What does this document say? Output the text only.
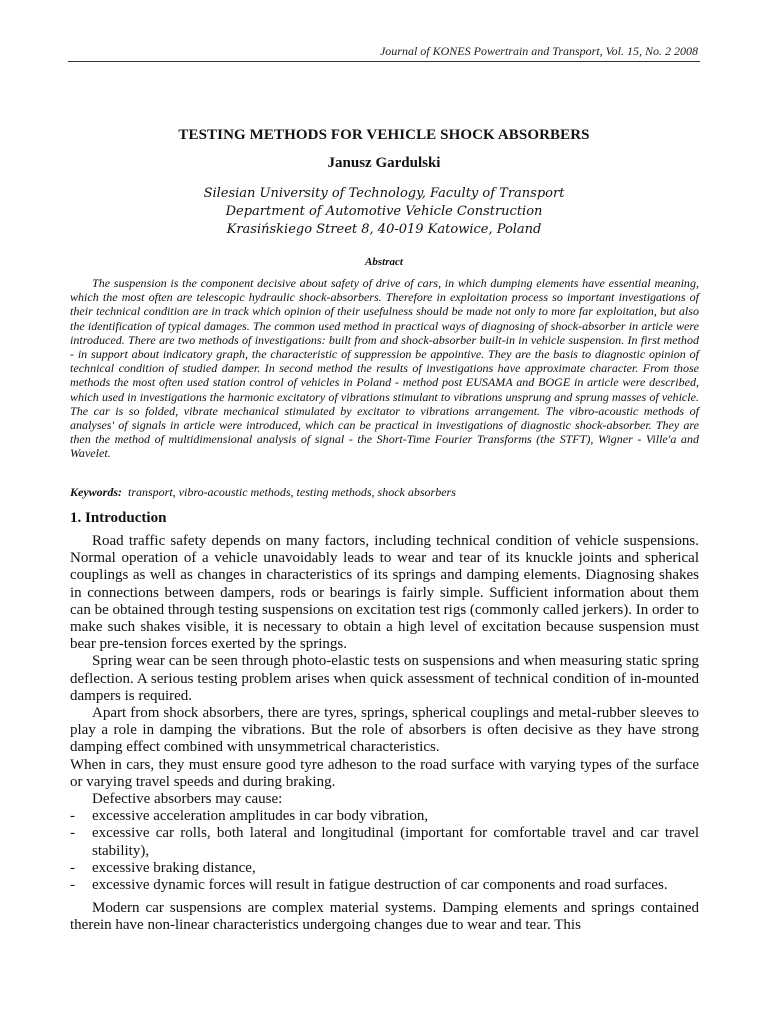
Journal of KONES Powertrain and Transport, Vol. 15, No. 2 2008
TESTING METHODS FOR VEHICLE SHOCK ABSORBERS
Janusz Gardulski
Silesian University of Technology, Faculty of Transport
Department of Automotive Vehicle Construction
Krasińskiego Street 8, 40-019 Katowice, Poland
Abstract

The suspension is the component decisive about safety of drive of cars, in which dumping elements have essential meaning, which the most often are telescopic hydraulic shock-absorbers. Therefore in exploitation process so important investigations of their technical condition are in track which opinion of their usefulness should be made not only to more far exploitation, but also the identification of typical damages. The common used method in practical ways of diagnosing of shock-absorber in article were introduced. There are two methods of investigations: built from and shock-absorber built-in in vehicle suspension. In first method - in support about indicatory graph, the characteristic of suppression be appointive. They are the basis to diagnostic opinion of technical condition of studied damper. In second method the results of investigations have approximate character. From those methods the most often used station control of vehicles in Poland - method post EUSAMA and BOGE in article were described, which used in investigations the harmonic excitatory of vibrations stimulant to vibrations unsprung and sprung masses of vehicle. The car is so folded, vibrate mechanical stimulated by excitator to vibrations arrangement. The vibro-acoustic methods of analyses' of signals in article were introduced, which can be practical in investigations of diagnostic shock-absorber. They are then the method of multidimensional analysis of signal - the Short-Time Fourier Transforms (the STFT), Wigner - Ville'a and Wavelet.

Keywords: transport, vibro-acoustic methods, testing methods, shock absorbers
1. Introduction

Road traffic safety depends on many factors, including technical condition of vehicle suspensions. Normal operation of a vehicle unavoidably leads to wear and tear of its knuckle joints and spherical couplings as well as changes in characteristics of its springs and damping elements. Diagnosing shakes in connections between dampers, rods or bearings is fairly simple. Sufficient information about them can be obtained through testing suspensions on excitation test rigs (commonly called jerkers). In order to make such shakes visible, it is necessary to obtain a high level of excitation because suspension must bear pre-tension forces exerted by the springs.

Spring wear can be seen through photo-elastic tests on suspensions and when measuring static spring deflection. A serious testing problem arises when quick assessment of technical condition of in-mounted dampers is required.

Apart from shock absorbers, there are tyres, springs, spherical couplings and metal-rubber sleeves to play a role in damping the vibrations. But the role of absorbers is often decisive as they have strong damping effect combined with unsymmetrical characteristics.

When in cars, they must ensure good tyre adheson to the road surface with varying types of the surface or varying travel speeds and during braking.

Defective absorbers may cause:

- excessive acceleration amplitudes in car body vibration,
- excessive car rolls, both lateral and longitudinal (important for comfortable travel and car travel stability),
- excessive braking distance,
- excessive dynamic forces will result in fatigue destruction of car components and road surfaces.

Modern car suspensions are complex material systems. Damping elements and springs contained therein have non-linear characteristics undergoing changes due to wear and tear. This
